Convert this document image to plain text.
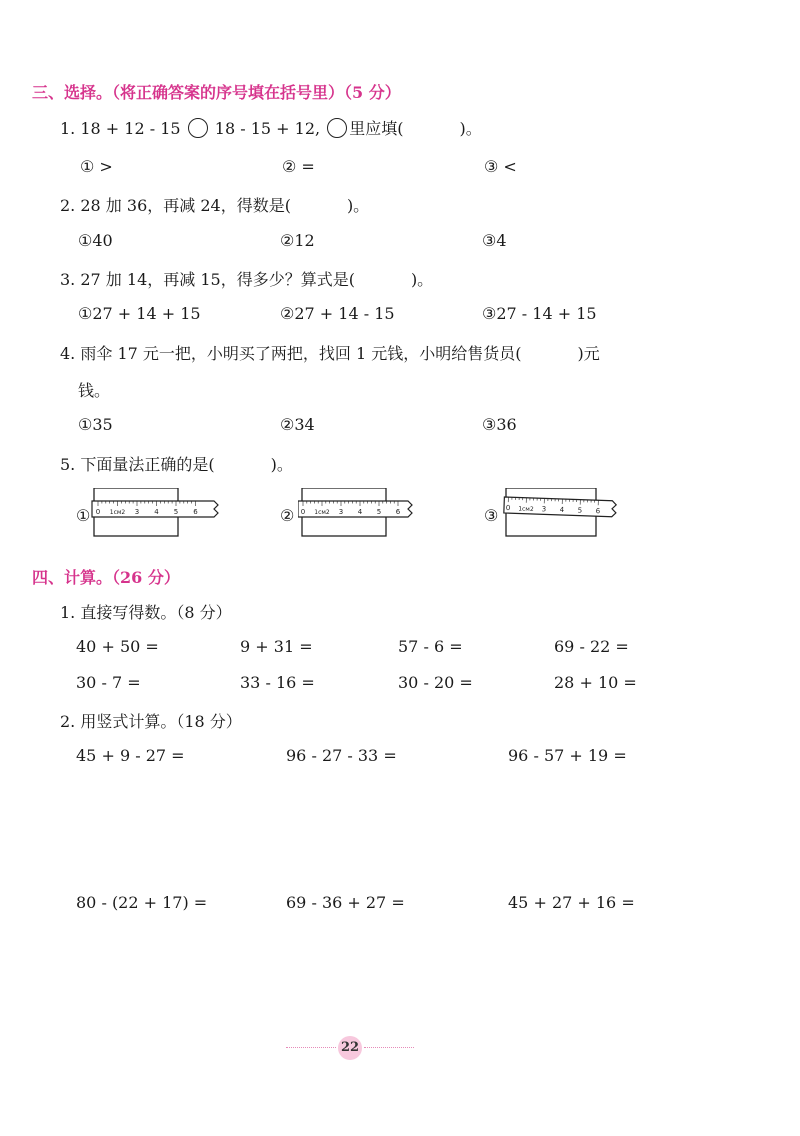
三、选择。（将正确答案的序号填在括号里）（5 分）
1. 18 + 12 - 15 18 - 15 + 12, 里应填(	)。
① >	② =	③ <
2. 28 加 36，再减 24，得数是(	)。
①40	②12	③4
3. 27 加 14，再减 15，得多少？算式是(	)。
①27 + 14 + 15	②27 + 14 - 15	③27 - 14 + 15
4. 雨伞 17 元一把，小明买了两把，找回 1 元钱，小明给售货员(	)元
钱。
①35	②34	③36
5. 下面量法正确的是(	)。
①	②	③
0 1ᴄᴍ2 3 4 5 6	0 1ᴄᴍ2 3 4 5 6	0 1ᴄᴍ2 3 4 5 6
四、计算。（26 分）
1. 直接写得数。（8 分）
40 + 50 =	9 + 31 =	57 - 6 =	69 - 22 =
30 - 7 =	33 - 16 =	30 - 20 =	28 + 10 =
2. 用竖式计算。（18 分）
45 + 9 - 27 =	96 - 27 - 33 =	96 - 57 + 19 =
80 - (22 + 17) =	69 - 36 + 27 =	45 + 27 + 16 =
22
